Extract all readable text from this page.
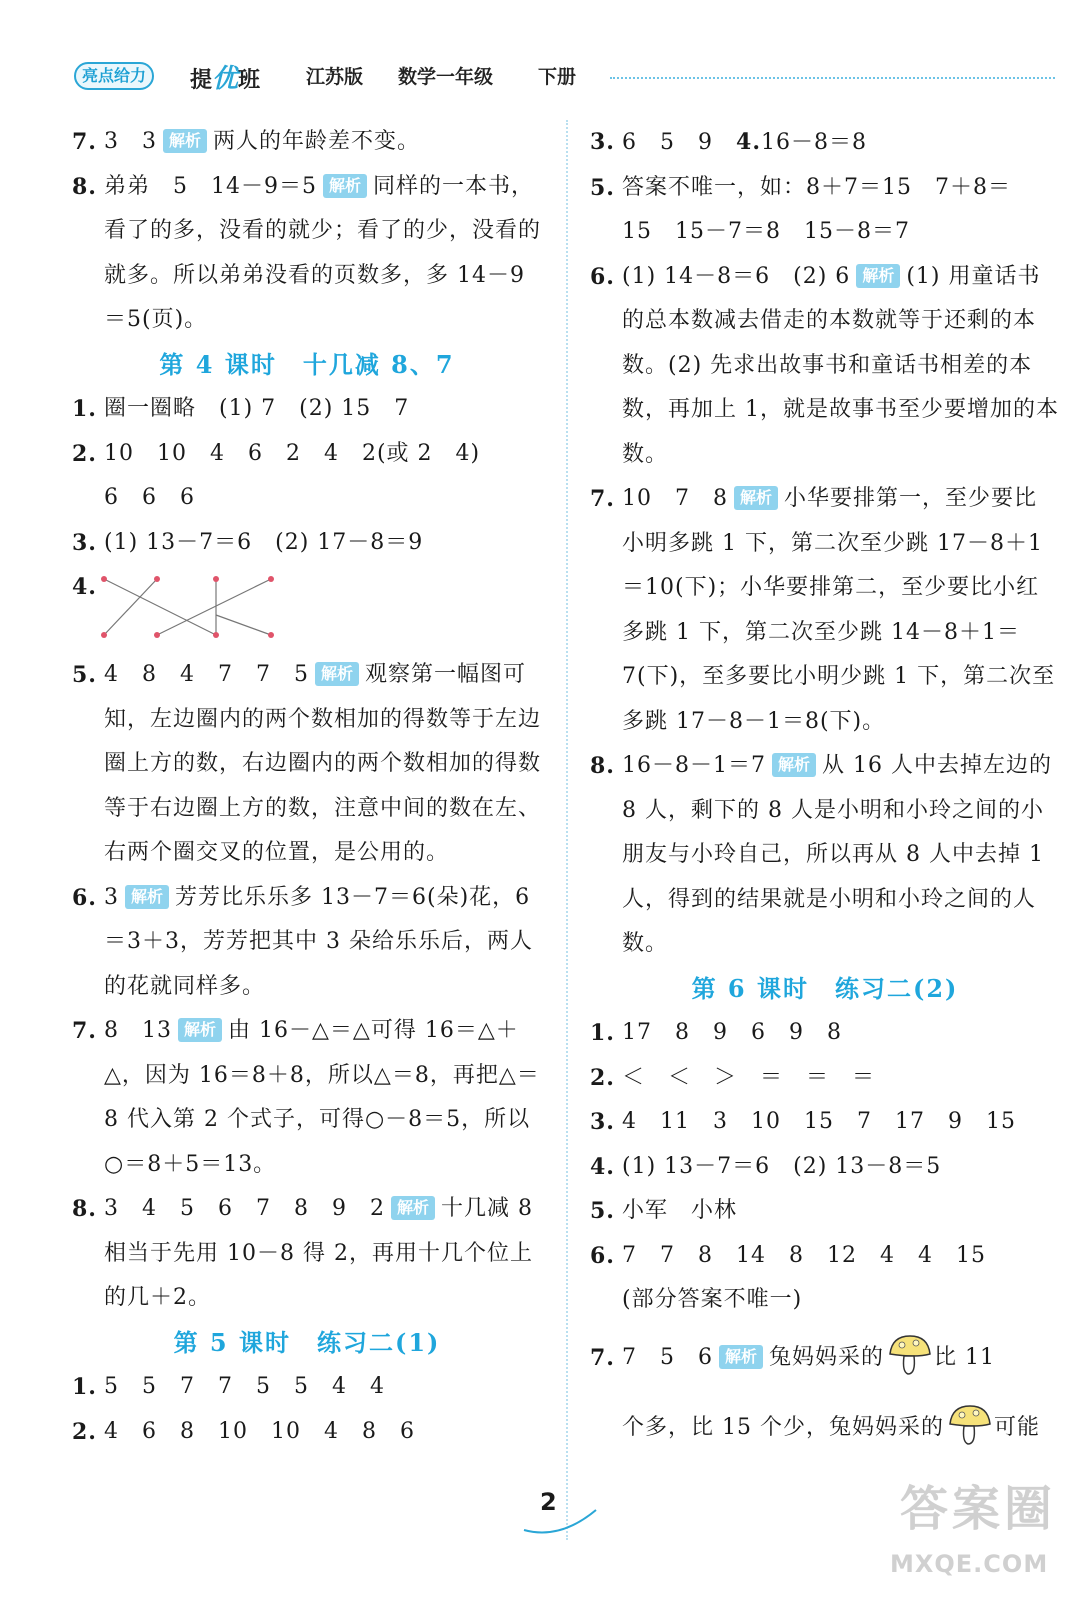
亮点给力	提优班 江苏版 数学一年级 下册
7. 3　3 解析 两人的年龄差不变。
8. 弟弟　5　14－9＝5 解析 同样的一本书，看了的多，没看的就少；看了的少，没看的就多。所以弟弟没看的页数多，多 14－9＝5(页)。
第 4 课时　十几减 8、7
1. 圈一圈略　(1) 7　(2) 15　7
2. 10　10　4　6　2　4　2(或 2　4)
6　6　6
3. (1) 13－7＝6　(2) 17－8＝9
4.
5. 4　8　4　7　7　5 解析 观察第一幅图可知，左边圈内的两个数相加的得数等于左边圈上方的数，右边圈内的两个数相加的得数等于右边圈上方的数，注意中间的数在左、右两个圈交叉的位置，是公用的。
6. 3 解析 芳芳比乐乐多 13－7＝6(朵)花，6＝3＋3，芳芳把其中 3 朵给乐乐后，两人的花就同样多。
7. 8　13 解析 由 16－△＝△可得 16＝△＋△，因为 16＝8＋8，所以△＝8，再把△＝8 代入第 2 个式子，可得○－8＝5，所以○＝8＋5＝13。
8. 3　4　5　6　7　8　9　2 解析 十几减 8 相当于先用 10－8 得 2，再用十几个位上的几＋2。
第 5 课时　练习二(1)
1. 5　5　7　7　5　5　4　4
2. 4　6　8　10　10　4　8　6
3. 6　5　9　 4.16－8＝8
5. 答案不唯一，如：8＋7＝15　7＋8＝
15　15－7＝8　15－8＝7
6. (1) 14－8＝6　(2) 6 解析 (1) 用童话书的总本数减去借走的本数就等于还剩的本数。(2) 先求出故事书和童话书相差的本数，再加上 1，就是故事书至少要增加的本数。
7. 10　7　8 解析 小华要排第一，至少要比小明多跳 1 下，第二次至少跳 17－8＋1＝10(下)；小华要排第二，至少要比小红多跳 1 下，第二次至少跳 14－8＋1＝7(下)，至多要比小明少跳 1 下，第二次至多跳 17－8－1＝8(下)。
8. 16－8－1＝7 解析 从 16 人中去掉左边的 8 人，剩下的 8 人是小明和小玲之间的小朋友与小玲自己，所以再从 8 人中去掉 1 人，得到的结果就是小明和小玲之间的人数。
第 6 课时　练习二(2)
1. 17　8　9　6　9　8
2. ＜　＜　＞　＝　＝　＝
3. 4　11　3　10　15　7　17　9　15
4. (1) 13－7＝6　(2) 13－8＝5
5. 小军　小林
6. 7　7　8　14　8　12　4　4　15
(部分答案不唯一)
7. 7　5　6 解析 兔妈妈采的 比 11
个多，比 15 个少，兔妈妈采的 可能
2	答案圈
MXQE.COM
